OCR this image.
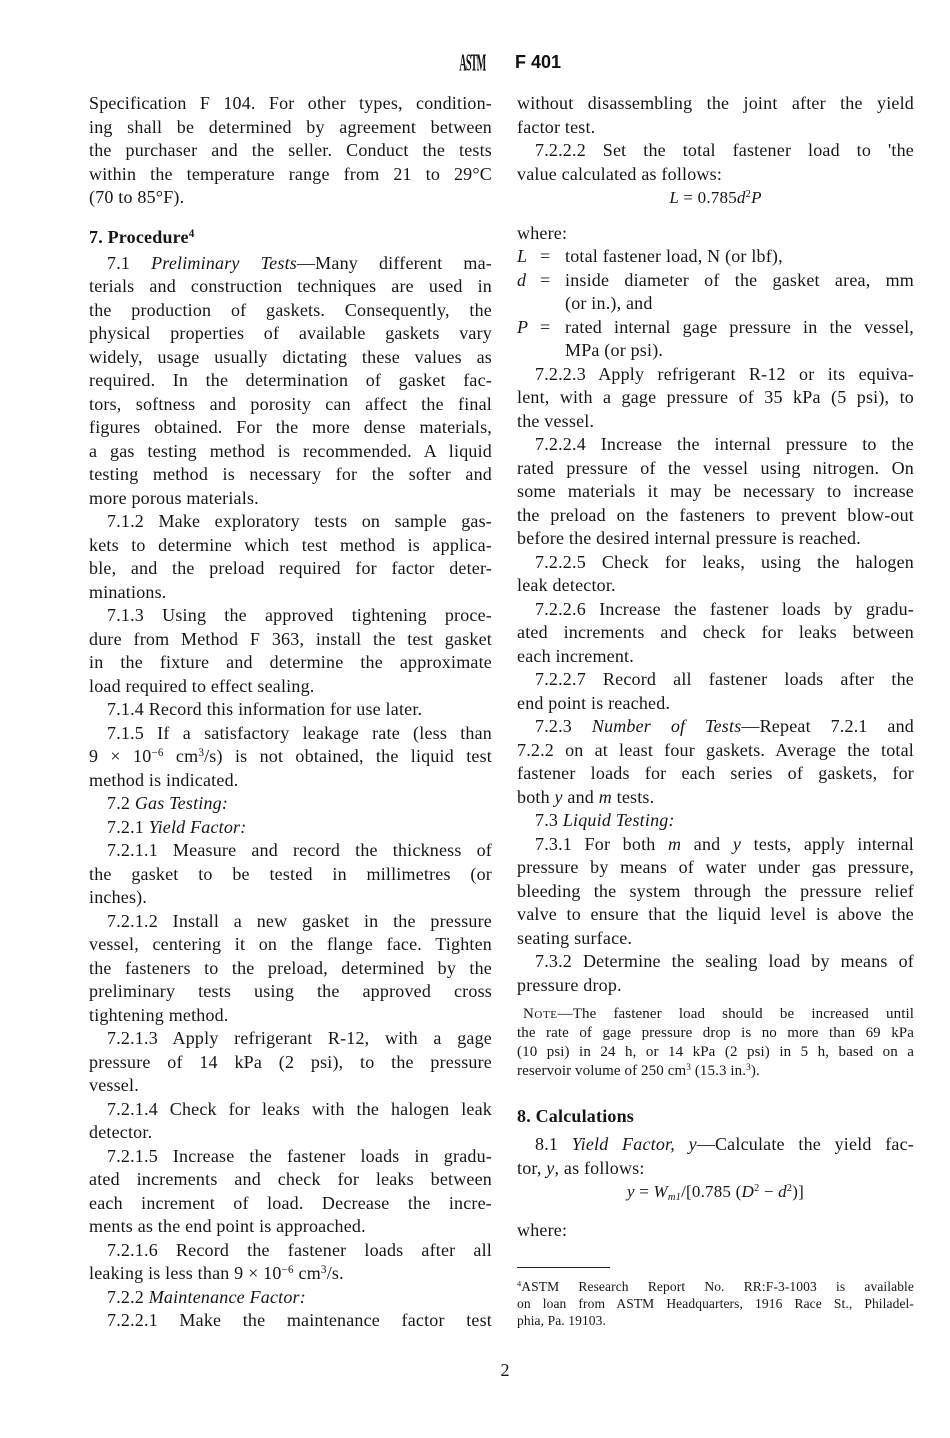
ASTM F 401
Specification F 104. For other types, condition-
ing shall be determined by agreement between
the purchaser and the seller. Conduct the tests
within the temperature range from 21 to 29°C
(70 to 85°F).
7. Procedure$^4$
7.1 Preliminary Tests—Many different ma-
terials and construction techniques are used in
the production of gaskets. Consequently, the
physical properties of available gaskets vary
widely, usage usually dictating these values as
required. In the determination of gasket fac-
tors, softness and porosity can affect the final
figures obtained. For the more dense materials,
a gas testing method is recommended. A liquid
testing method is necessary for the softer and
more porous materials.
7.1.2 Make exploratory tests on sample gas-
kets to determine which test method is applica-
ble, and the preload required for factor deter-
minations.
7.1.3 Using the approved tightening proce-
dure from Method F 363, install the test gasket
in the fixture and determine the approximate
load required to effect sealing.
7.1.4 Record this information for use later.
7.1.5 If a satisfactory leakage rate (less than
$9 \times 10^{-6}$ $cm^3/s$) is not obtained, the liquid test
method is indicated.
7.2 Gas Testing:
7.2.1 Yield Factor:
7.2.1.1 Measure and record the thickness of
the gasket to be tested in millimetres (or
inches).
7.2.1.2 Install a new gasket in the pressure
vessel, centering it on the flange face. Tighten
the fasteners to the preload, determined by the
preliminary tests using the approved cross
tightening method.
7.2.1.3 Apply refrigerant R-12, with a gage
pressure of 14 kPa (2 psi), to the pressure
vessel.
7.2.1.4 Check for leaks with the halogen leak
detector.
7.2.1.5 Increase the fastener loads in gradu-
ated increments and check for leaks between
each increment of load. Decrease the incre-
ments as the end point is approached.
7.2.1.6 Record the fastener loads after all
leaking is less than $9 \times 10^{-6}$ $cm^3/s$.
7.2.2 Maintenance Factor:
7.2.2.1 Make the maintenance factor test
without disassembling the joint after the yield
factor test.
7.2.2.2 Set the total fastener load to 'the
value calculated as follows:
$L = 0.785d^2P$
where:
L = total fastener load, N (or lbf),
d = inside diameter of the gasket area, mm
(or in.), and
P = rated internal gage pressure in the vessel,
MPa (or psi).
7.2.2.3 Apply refrigerant R-12 or its equiva-
lent, with a gage pressure of 35 kPa (5 psi), to
the vessel.
7.2.2.4 Increase the internal pressure to the
rated pressure of the vessel using nitrogen. On
some materials it may be necessary to increase
the preload on the fasteners to prevent blow-out
before the desired internal pressure is reached.
7.2.2.5 Check for leaks, using the halogen
leak detector.
7.2.2.6 Increase the fastener loads by gradu-
ated increments and check for leaks between
each increment.
7.2.2.7 Record all fastener loads after the
end point is reached.
7.2.3 Number of Tests—Repeat 7.2.1 and
7.2.2 on at least four gaskets. Average the total
fastener loads for each series of gaskets, for
both y and m tests.
7.3 Liquid Testing:
7.3.1 For both m and y tests, apply internal
pressure by means of water under gas pressure,
bleeding the system through the pressure relief
valve to ensure that the liquid level is above the
seating surface.
7.3.2 Determine the sealing load by means of
pressure drop.
Note—The fastener load should be increased until
the rate of gage pressure drop is no more than 69 kPa
(10 psi) in 24 h, or 14 kPa (2 psi) in 5 h, based on a
reservoir volume of 250 $cm^3$ (15.3 in.$^3$).
8. Calculations
8.1 Yield Factor, y—Calculate the yield fac-
tor, y, as follows:
y = Wm1/[0.785 $(D^2 - d^2)$]
where:
$^4$ASTM Research Report No. RR:F-3-1003 is available
on loan from ASTM Headquarters, 1916 Race St., Philadel-
phia, Pa. 19103.
2
